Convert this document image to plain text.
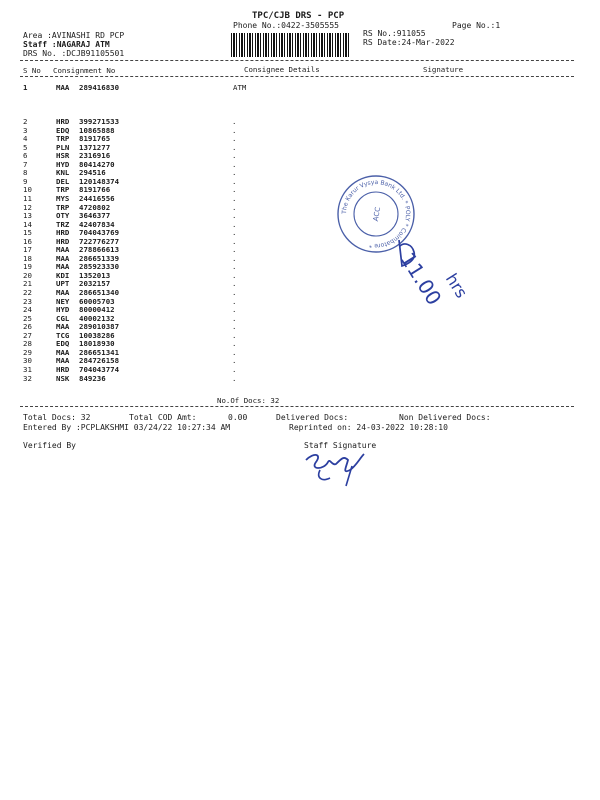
TPC/CJB DRS - PCP
Phone No.:0422-3505555	Page No.:1
Area :AVINASHI RD PCP
Staff :NAGARAJ ATM
DRS No. :DCJB91105501
RS No.:911055
RS Date:24-Mar-2022
S No Consignment No	Consignee Details	Signature
1	MAA 289416830	ATM
2	HRD 399271533	.
3	EDQ 10865888	.
4	TRP 8191765	.
5	PLN 1371277	.
6	HSR 2316916	.
7	HYD 80414270	.
8	KNL 294516	.
9	DEL 120148374	.
10	TRP 8191766	.
11	MYS 24416556	.
12	TRP 4720802	.
13	OTY 3646377	.
14	TRZ 42407834	.
15	HRD 704043769	.
16	HRD 722776277	.
17	MAA 278866613	.
18	MAA 286651339	.
19	MAA 285923330	.
20	KDI 1352013	.
21	UPT 2032157	.
22	MAA 286651340	.
23	NEY 60005703	.
24	HYD 80000412	.
25	CGL 40002132	.
26	MAA 289010387	.
27	TCG 10038286	.
28	EDQ 18018930	.
29	MAA 286651341	.
30	MAA 284726158	.
31	HRD 704043774	.
32	NSK 849236	.
No.Of Docs: 32
Total Docs: 32	Total COD Amt:	0.00	Delivered Docs:	Non Delivered Docs:
Entered By :PCPLAKSHMI 03/24/22 10:27:34 AM	Reprinted on: 24-03-2022 10:28:10
Verified By	Staff Signature
The Karur Vysya Bank Ltd. * POLY * Coimbatore *
ACC
11.00
hrs
